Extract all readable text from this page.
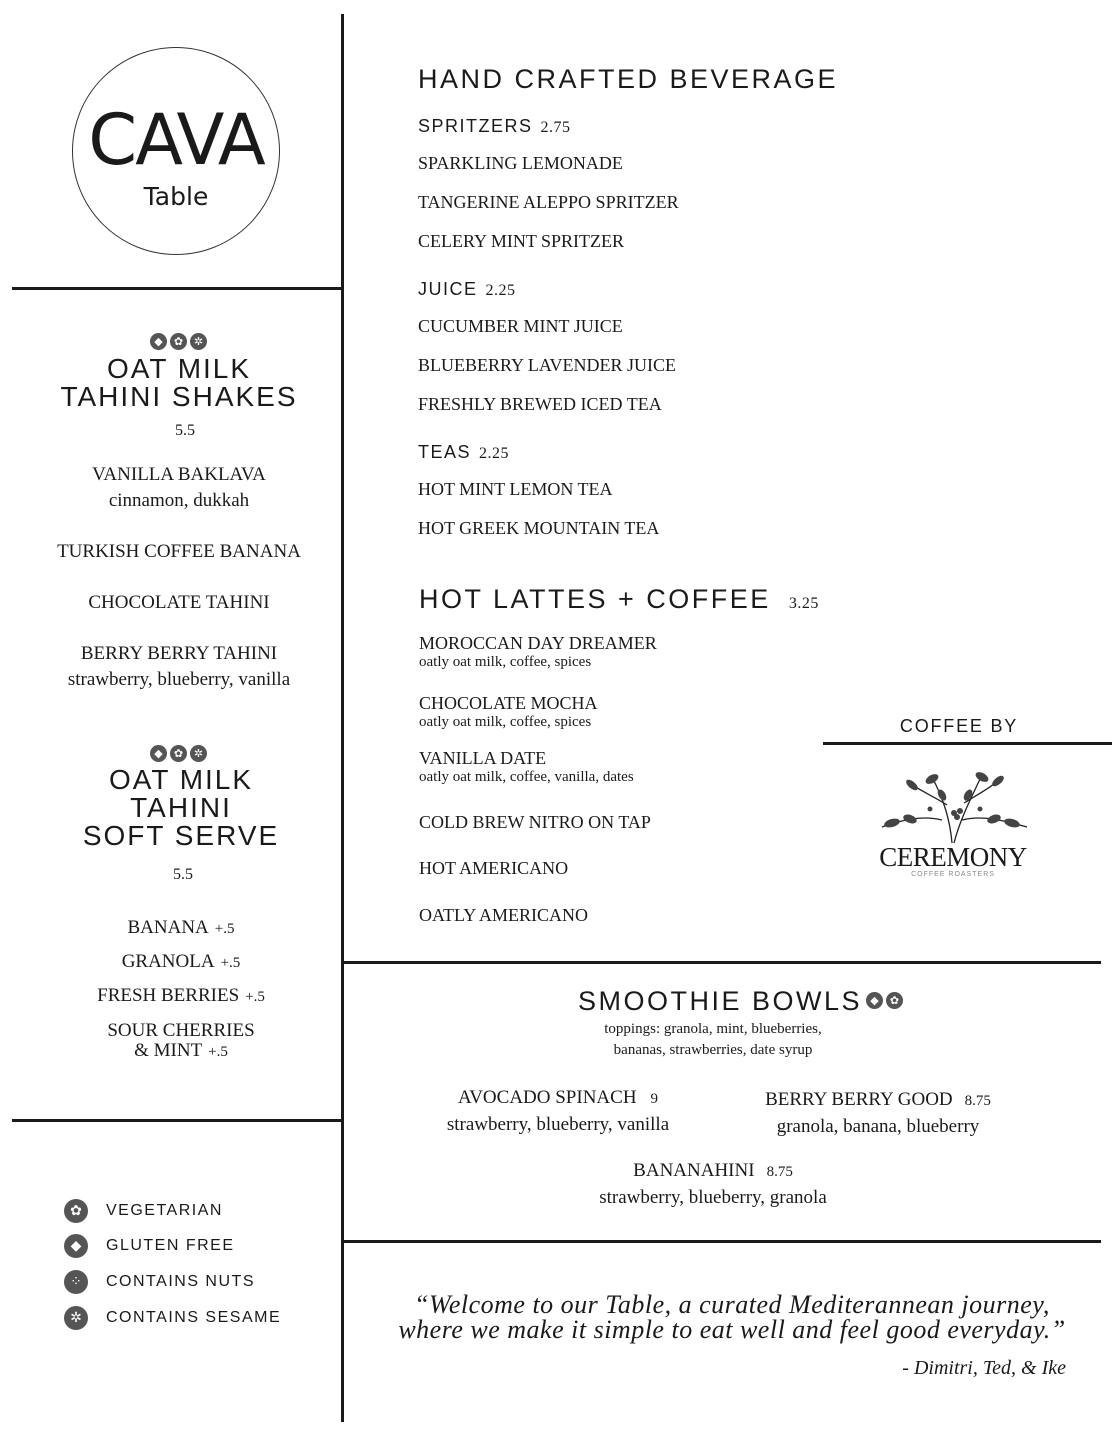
CAVA
Table
◆	✿ ✲
OAT MILK
TAHINI SHAKES
5.5
VANILLA BAKLAVA
cinnamon, dukkah
TURKISH COFFEE BANANA
CHOCOLATE TAHINI
BERRY BERRY TAHINI
strawberry, blueberry, vanilla
◆	✿ ✲
OAT MILK
TAHINI
SOFT SERVE
5.5
BANANA +.5
GRANOLA +.5
FRESH BERRIES +.5
SOUR CHERRIES
& MINT +.5
✿	VEGETARIAN
◆	GLUTEN FREE
⁘	CONTAINS NUTS
✲	CONTAINS SESAME
HAND CRAFTED BEVERAGE
SPRITZERS 2.75
SPARKLING LEMONADE
TANGERINE ALEPPO SPRITZER
CELERY MINT SPRITZER
JUICE 2.25
CUCUMBER MINT JUICE
BLUEBERRY LAVENDER JUICE
FRESHLY BREWED ICED TEA
TEAS 2.25
HOT MINT LEMON TEA
HOT GREEK MOUNTAIN TEA
HOT LATTES + COFFEE 3.25
MOROCCAN DAY DREAMER
oatly oat milk, coffee, spices
CHOCOLATE MOCHA
oatly oat milk, coffee, spices
VANILLA DATE
oatly oat milk, coffee, vanilla, dates
COLD BREW NITRO ON TAP
HOT AMERICANO
OATLY AMERICANO
COFFEE BY
CEREMONY
COFFEE ROASTERS
SMOOTHIE BOWLS ◆	✿
toppings: granola, mint, blueberries,
bananas, strawberries, date syrup
AVOCADO SPINACH 9
strawberry, blueberry, vanilla
BERRY BERRY GOOD 8.75
granola, banana, blueberry
BANANAHINI 8.75
strawberry, blueberry, granola
“Welcome to our Table, a curated Mediterannean journey,
where we make it simple to eat well and feel good everyday.”
- Dimitri, Ted, & Ike
